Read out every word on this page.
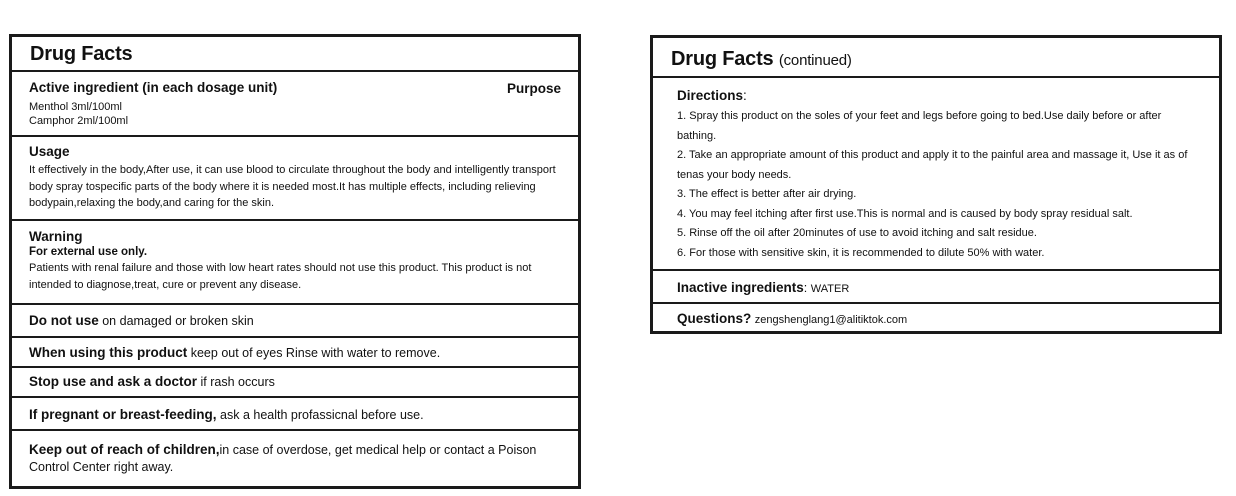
Drug Facts
Active ingredient (in each dosage unit)	Purpose
Menthol 3ml/100ml
Camphor 2ml/100ml
Usage
It effectively in the body,After use, it can use blood to circulate throughout the body and intelligently transport body spray tospecific parts of the body where it is needed most.It has multiple effects, including relieving bodypain,relaxing the body,and caring for the skin.
Warning
For external use only.
Patients with renal failure and those with low heart rates should not use this product. This product is not intended to diagnose,treat, cure or prevent any disease.
Do not use on damaged or broken skin
When using this product keep out of eyes Rinse with water to remove.
Stop use and ask a doctor if rash occurs
If pregnant or breast-feeding, ask a health profassicnal before use.
Keep out of reach of children,in case of overdose, get medical help or contact a Poison Control Center right away.
Drug Facts (continued)
Directions:
1. Spray this product on the soles of your feet and legs before going to bed.Use daily before or after bathing.
2. Take an appropriate amount of this product and apply it to the painful area and massage it, Use it as of tenas your body needs.
3. The effect is better after air drying.
4. You may feel itching after first use.This is normal and is caused by body spray residual salt.
5. Rinse off the oil after 20minutes of use to avoid itching and salt residue.
6. For those with sensitive skin, it is recommended to dilute 50% with water.
Inactive ingredients: WATER
Questions? zengshenglang1@alitiktok.com
